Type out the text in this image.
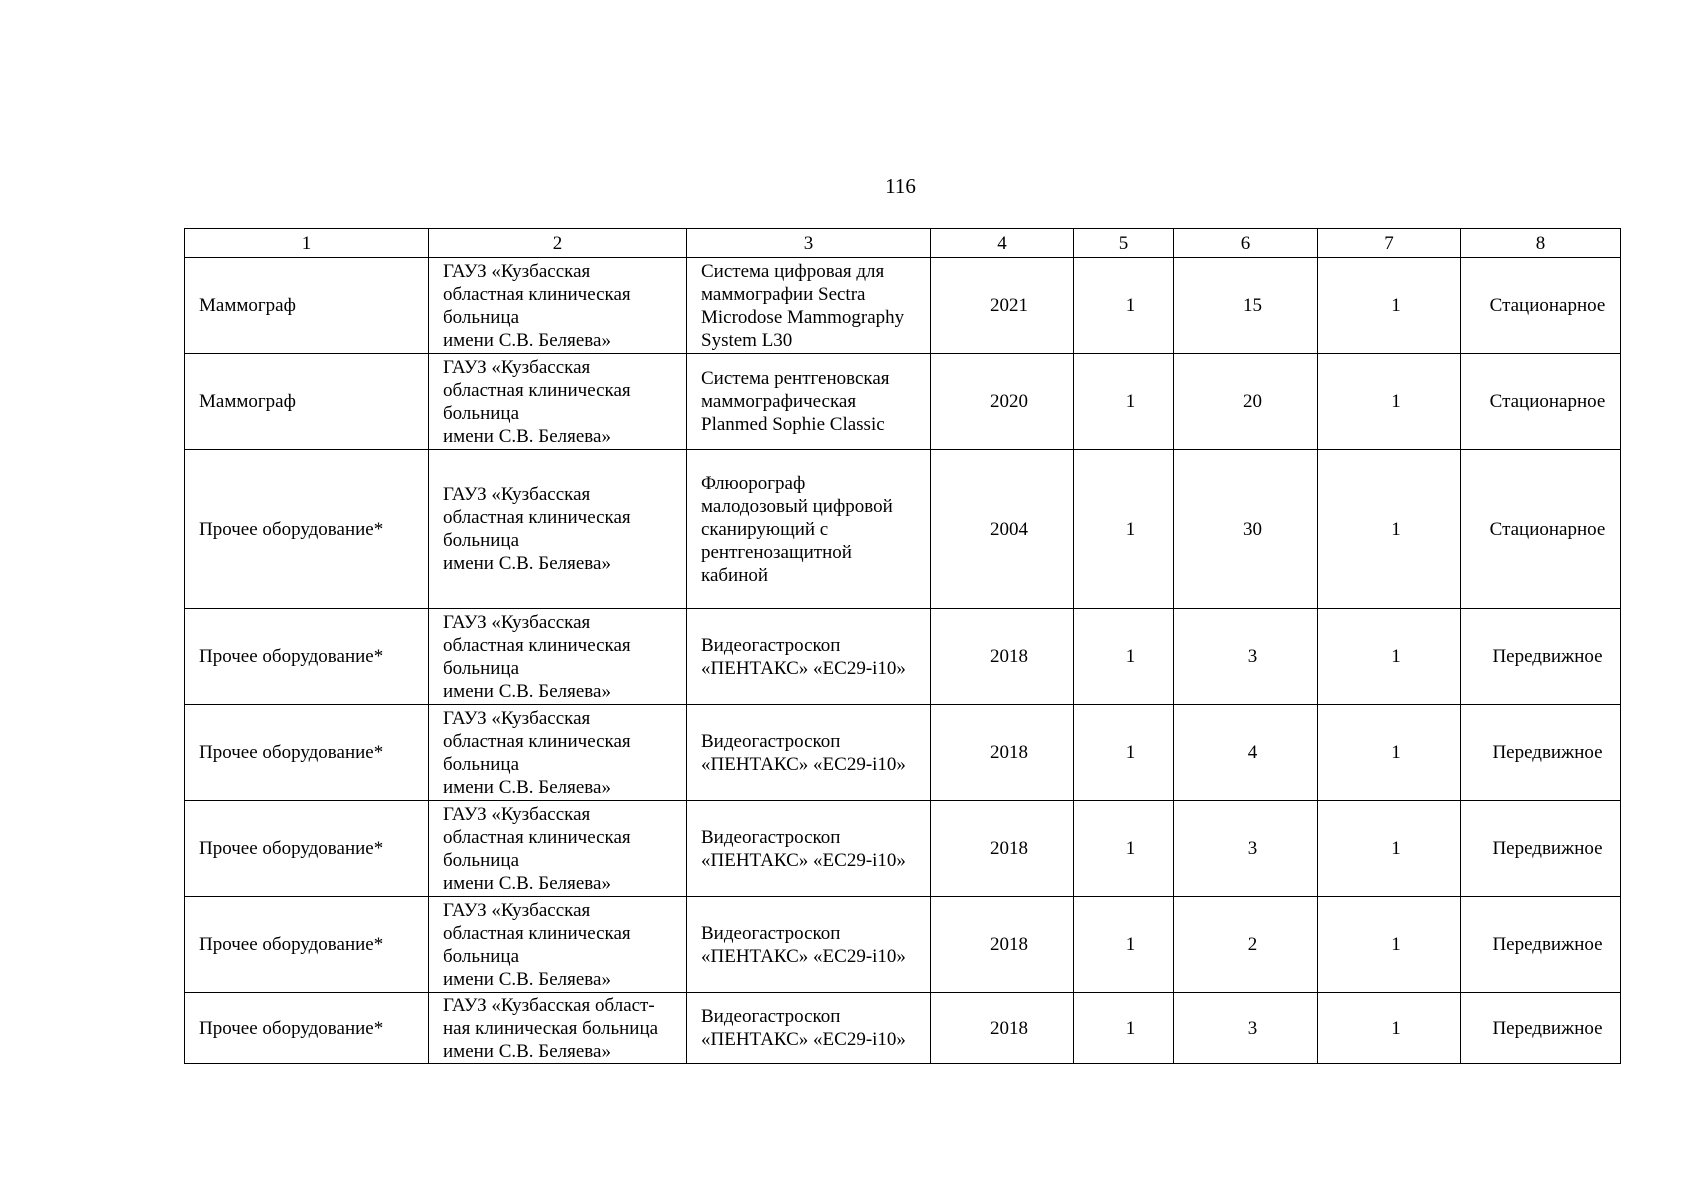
116
1	2	3	4	5	6	7	8
Маммограф	ГАУЗ «Кузбасская
областная клиническая
больница
имени С.В. Беляева»	Система цифровая для
маммографии Sectra
Microdose Mammography
System L30	2021	1	15	1	Стационарное
Маммограф	ГАУЗ «Кузбасская
областная клиническая
больница
имени С.В. Беляева»	Система рентгеновская
маммографическая
Planmed Sophie Classic	2020	1	20	1	Стационарное
Прочее оборудование*	ГАУЗ «Кузбасская
областная клиническая
больница
имени С.В. Беляева»	Флюорограф
малодозовый цифровой
сканирующий с
рентгенозащитной
кабиной	2004	1	30	1	Стационарное
Прочее оборудование*	ГАУЗ «Кузбасская
областная клиническая
больница
имени С.В. Беляева»	Видеогастроскоп
«ПЕНТАКС» «EC29-i10»	2018	1	3	1	Передвижное
Прочее оборудование*	ГАУЗ «Кузбасская
областная клиническая
больница
имени С.В. Беляева»	Видеогастроскоп
«ПЕНТАКС» «EC29-i10»	2018	1	4	1	Передвижное
Прочее оборудование*	ГАУЗ «Кузбасская
областная клиническая
больница
имени С.В. Беляева»	Видеогастроскоп
«ПЕНТАКС» «EC29-i10»	2018	1	3	1	Передвижное
Прочее оборудование*	ГАУЗ «Кузбасская
областная клиническая
больница
имени С.В. Беляева»	Видеогастроскоп
«ПЕНТАКС» «EC29-i10»	2018	1	2	1	Передвижное
Прочее оборудование*	ГАУЗ «Кузбасская област-
ная клиническая больница
имени С.В. Беляева»	Видеогастроскоп
«ПЕНТАКС» «EC29-i10»	2018	1	3	1	Передвижное
